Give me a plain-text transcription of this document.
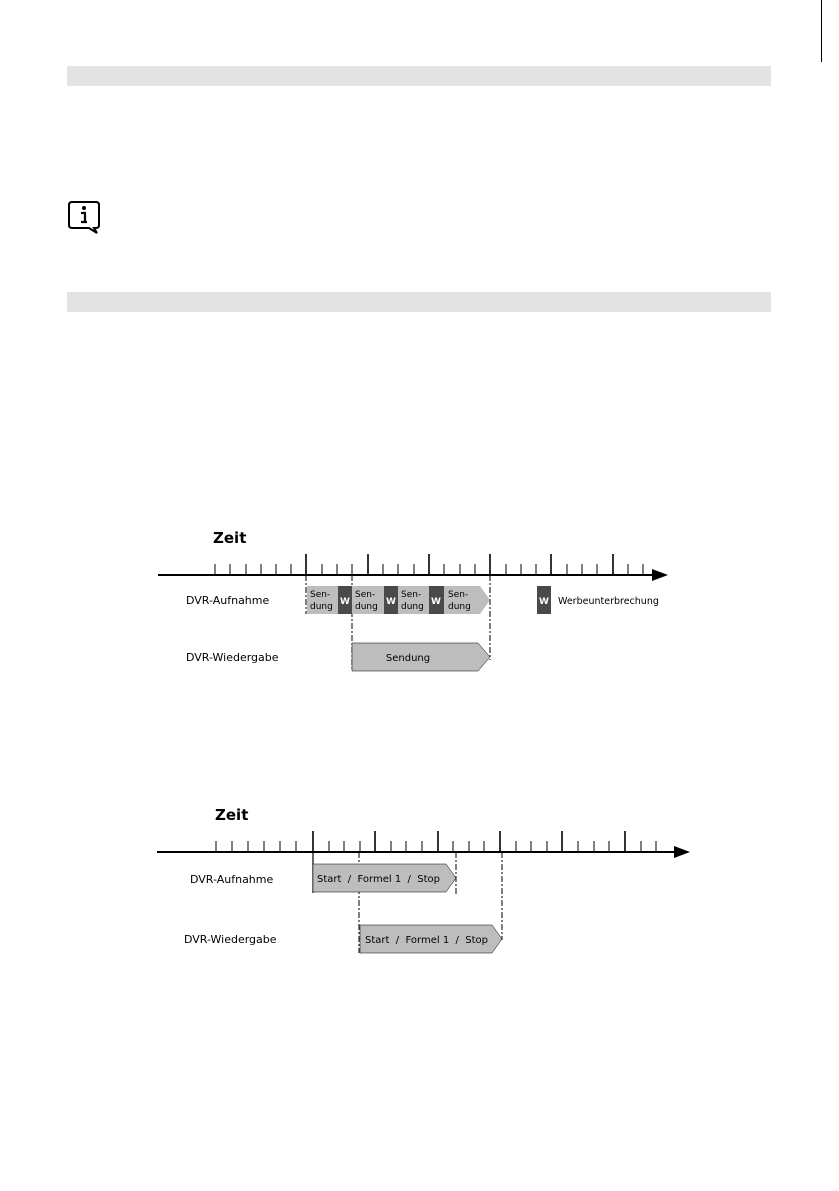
Zeit
DVR-Aufnahme
DVR-Wiedergabe
Sen-
dung W
Sen-
dung W
Sen-
dung W
Sen-
dung	W Werbeunterbrechung
Sendung
Zeit
DVR-Aufnahme
DVR-Wiedergabe
Start  /  Formel 1  /  Stop
Start  /  Formel 1  /  Stop
